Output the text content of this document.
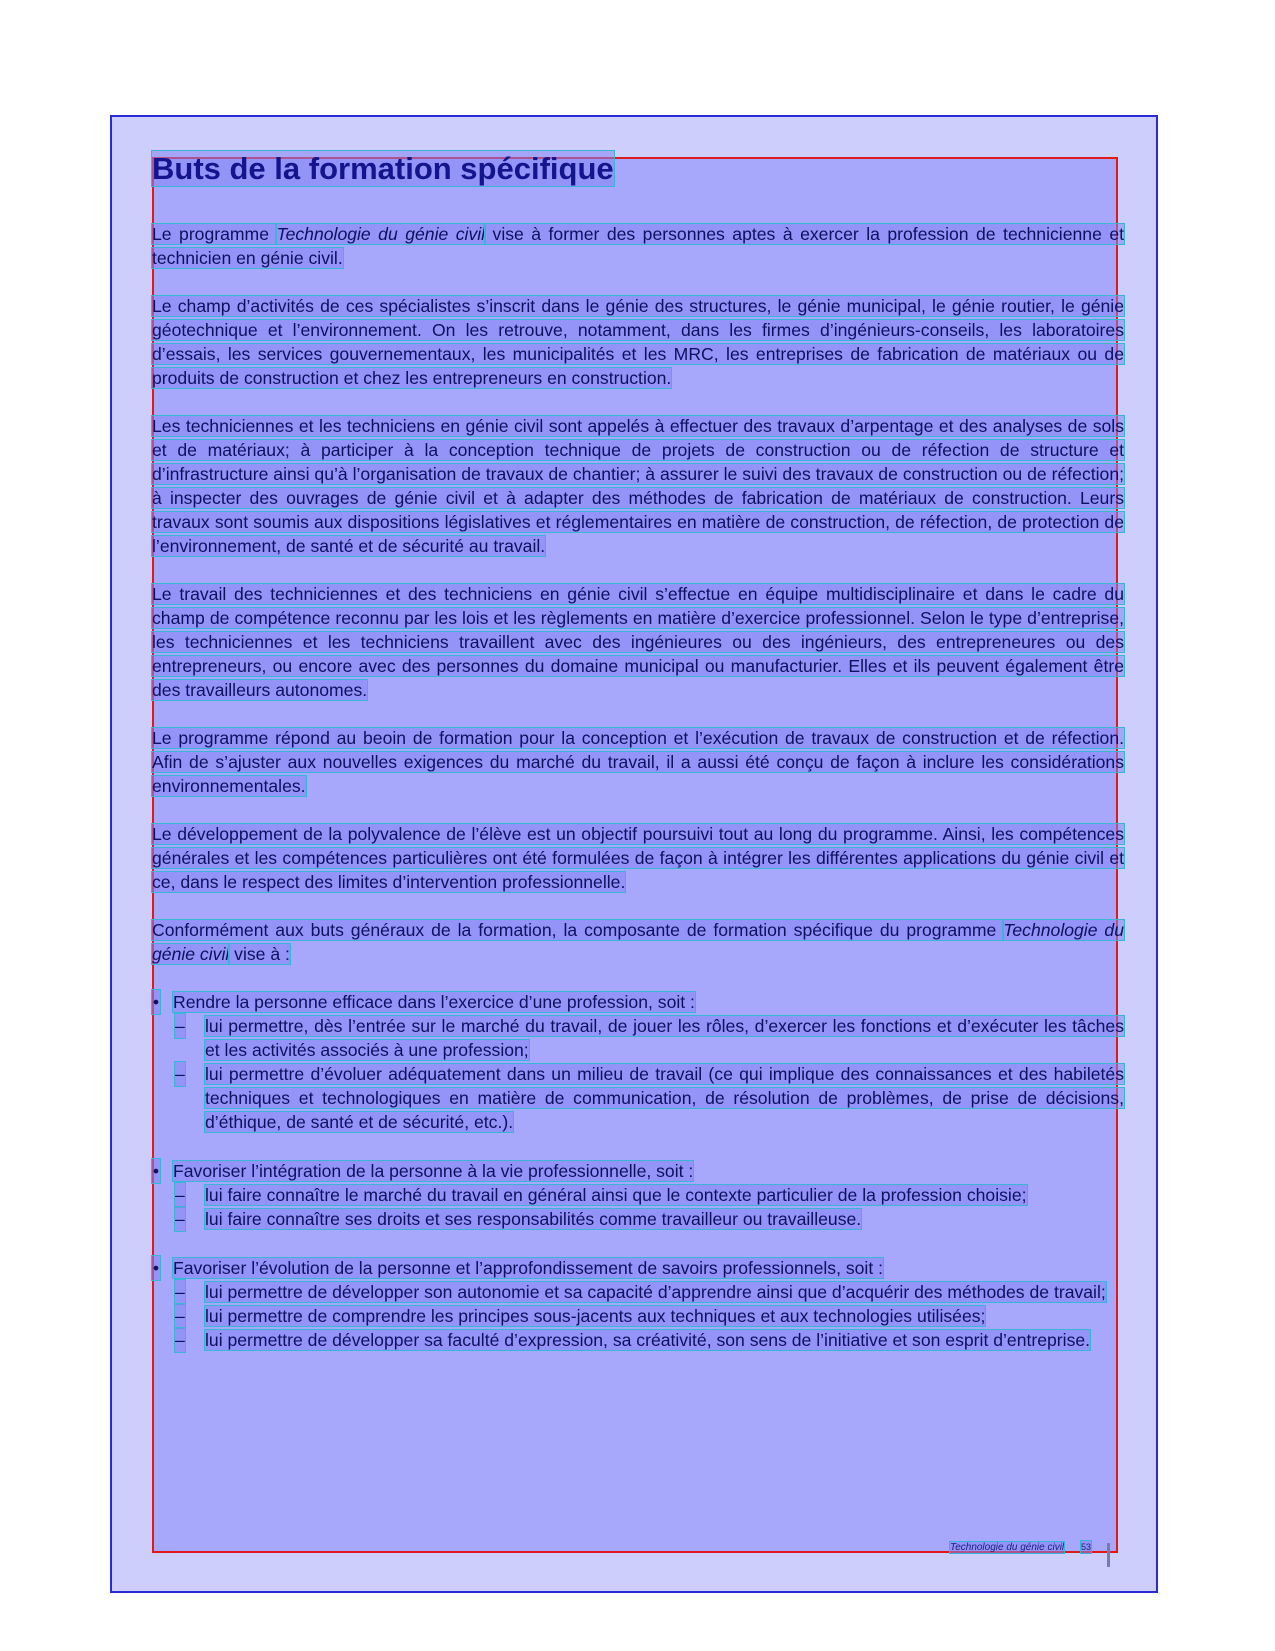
Buts de la formation spécifique

Le programme Technologie du génie civil vise à former des personnes aptes à exercer la profession de technicienne et technicien en génie civil.

Le champ d’activités de ces spécialistes s’inscrit dans le génie des structures, le génie municipal, le génie routier, le génie géotechnique et l’environnement. On les retrouve, notamment, dans les firmes d’ingénieurs-conseils, les laboratoires d’essais, les services gouvernementaux, les municipalités et les MRC, les entreprises de fabrication de matériaux ou de produits de construction et chez les entrepreneurs en construction.

Les techniciennes et les techniciens en génie civil sont appelés à effectuer des travaux d’arpentage et des analyses de sols et de matériaux; à participer à la conception technique de projets de construction ou de réfection de structure et d’infrastructure ainsi qu’à l’organisation de travaux de chantier; à assurer le suivi des travaux de construction ou de réfection; à inspecter des ouvrages de génie civil et à adapter des méthodes de fabrication de matériaux de construction. Leurs travaux sont soumis aux dispositions législatives et réglementaires en matière de construction, de réfection, de protection de l’environnement, de santé et de sécurité au travail.

Le travail des techniciennes et des techniciens en génie civil s’effectue en équipe multidisciplinaire et dans le cadre du champ de compétence reconnu par les lois et les règlements en matière d’exercice professionnel. Selon le type d’entreprise, les techniciennes et les techniciens travaillent avec des ingénieures ou des ingénieurs, des entrepreneures ou des entrepreneurs, ou encore avec des personnes du domaine municipal ou manufacturier. Elles et ils peuvent également être des travailleurs autonomes.

Le programme répond au beoin de formation pour la conception et l’exécution de travaux de construction et de réfection. Afin de s’ajuster aux nouvelles exigences du marché du travail, il a aussi été conçu de façon à inclure les considérations environnementales.

Le développement de la polyvalence de l’élève est un objectif poursuivi tout au long du programme. Ainsi, les compétences générales et les compétences particulières ont été formulées de façon à intégrer les différentes applications du génie civil et ce, dans le respect des limites d’intervention professionnelle.

Conformément aux buts généraux de la formation, la composante de formation spécifique du programme Technologie du génie civil vise à :

• Rendre la personne efficace dans l’exercice d’une profession, soit :
– lui permettre, dès l’entrée sur le marché du travail, de jouer les rôles, d’exercer les fonctions et d’exécuter les tâches et les activités associés à une profession;
– lui permettre d’évoluer adéquatement dans un milieu de travail (ce qui implique des connaissances et des habiletés techniques et technologiques en matière de communication, de résolution de problèmes, de prise de décisions, d’éthique, de santé et de sécurité, etc.).
• Favoriser l’intégration de la personne à la vie professionnelle, soit :
– lui faire connaître le marché du travail en général ainsi que le contexte particulier de la profession choisie;
– lui faire connaître ses droits et ses responsabilités comme travailleur ou travailleuse.
• Favoriser l’évolution de la personne et l’approfondissement de savoirs professionnels, soit :
– lui permettre de développer son autonomie et sa capacité d’apprendre ainsi que d’acquérir des méthodes de travail;
– lui permettre de comprendre les principes sous-jacents aux techniques et aux technologies utilisées;
– lui permettre de développer sa faculté d’expression, sa créativité, son sens de l’initiative et son esprit d’entreprise.
Technologie du génie civil 53
